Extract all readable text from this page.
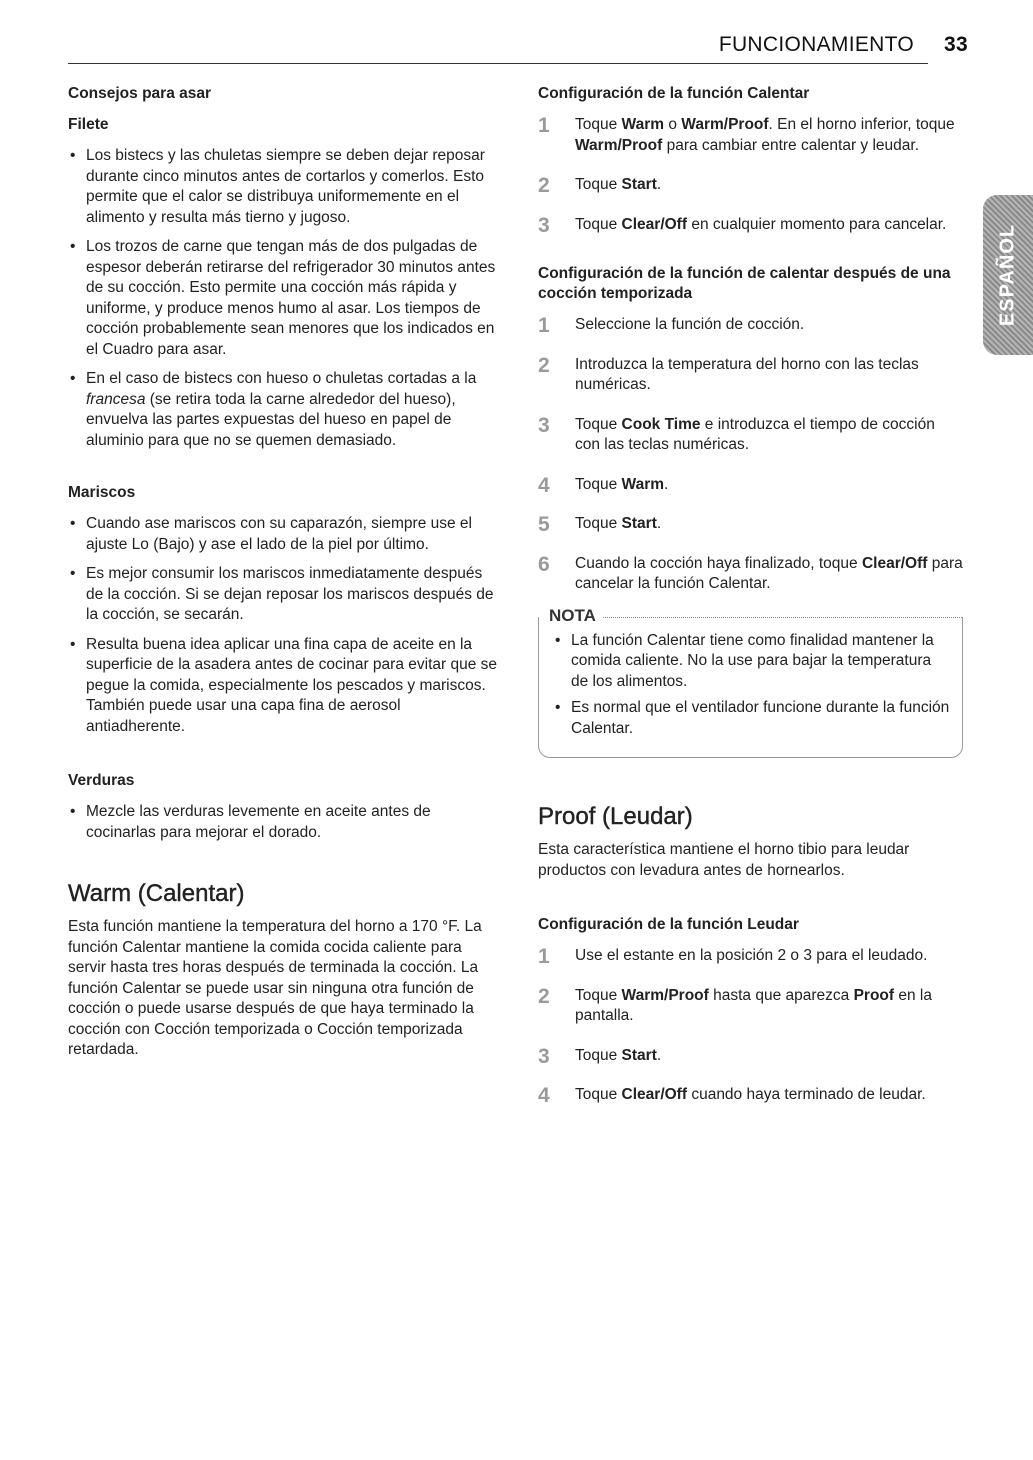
FUNCIONAMIENTO 33
ESPAÑOL
Consejos para asar
Filete
• Los bistecs y las chuletas siempre se deben dejar reposar durante cinco minutos antes de cortarlos y comerlos. Esto permite que el calor se distribuya uniformemente en el alimento y resulta más tierno y jugoso.
• Los trozos de carne que tengan más de dos pulgadas de espesor deberán retirarse del refrigerador 30 minutos antes de su cocción. Esto permite una cocción más rápida y uniforme, y produce menos humo al asar. Los tiempos de cocción probablemente sean menores que los indicados en el Cuadro para asar.
• En el caso de bistecs con hueso o chuletas cortadas a la francesa (se retira toda la carne alrededor del hueso), envuelva las partes expuestas del hueso en papel de aluminio para que no se quemen demasiado.
Mariscos
• Cuando ase mariscos con su caparazón, siempre use el ajuste Lo (Bajo) y ase el lado de la piel por último.
• Es mejor consumir los mariscos inmediatamente después de la cocción. Si se dejan reposar los mariscos después de la cocción, se secarán.
• Resulta buena idea aplicar una fina capa de aceite en la superficie de la asadera antes de cocinar para evitar que se pegue la comida, especialmente los pescados y mariscos. También puede usar una capa fina de aerosol antiadherente.
Verduras
• Mezcle las verduras levemente en aceite antes de cocinarlas para mejorar el dorado.
Warm (Calentar)

Esta función mantiene la temperatura del horno a 170 °F. La función Calentar mantiene la comida cocida caliente para servir hasta tres horas después de terminada la cocción. La función Calentar se puede usar sin ninguna otra función de cocción o puede usarse después de que haya terminado la cocción con Cocción temporizada o Cocción temporizada retardada.

Configuración de la función Calentar
1 Toque Warm o Warm/Proof. En el horno inferior, toque Warm/Proof para cambiar entre calentar y leudar.
2 Toque Start.
3 Toque Clear/Off en cualquier momento para cancelar.
Configuración de la función de calentar después de una cocción temporizada
1 Seleccione la función de cocción.
2 Introduzca la temperatura del horno con las teclas numéricas.
3 Toque Cook Time e introduzca el tiempo de cocción con las teclas numéricas.
4 Toque Warm.
5 Toque Start.
6 Cuando la cocción haya finalizado, toque Clear/Off para cancelar la función Calentar.
NOTA
• La función Calentar tiene como finalidad mantener la comida caliente. No la use para bajar la temperatura de los alimentos.
• Es normal que el ventilador funcione durante la función Calentar.
Proof (Leudar)

Esta característica mantiene el horno tibio para leudar productos con levadura antes de hornearlos.

Configuración de la función Leudar
1 Use el estante en la posición 2 o 3 para el leudado.
2 Toque Warm/Proof hasta que aparezca Proof en la pantalla.
3 Toque Start.
4 Toque Clear/Off cuando haya terminado de leudar.
